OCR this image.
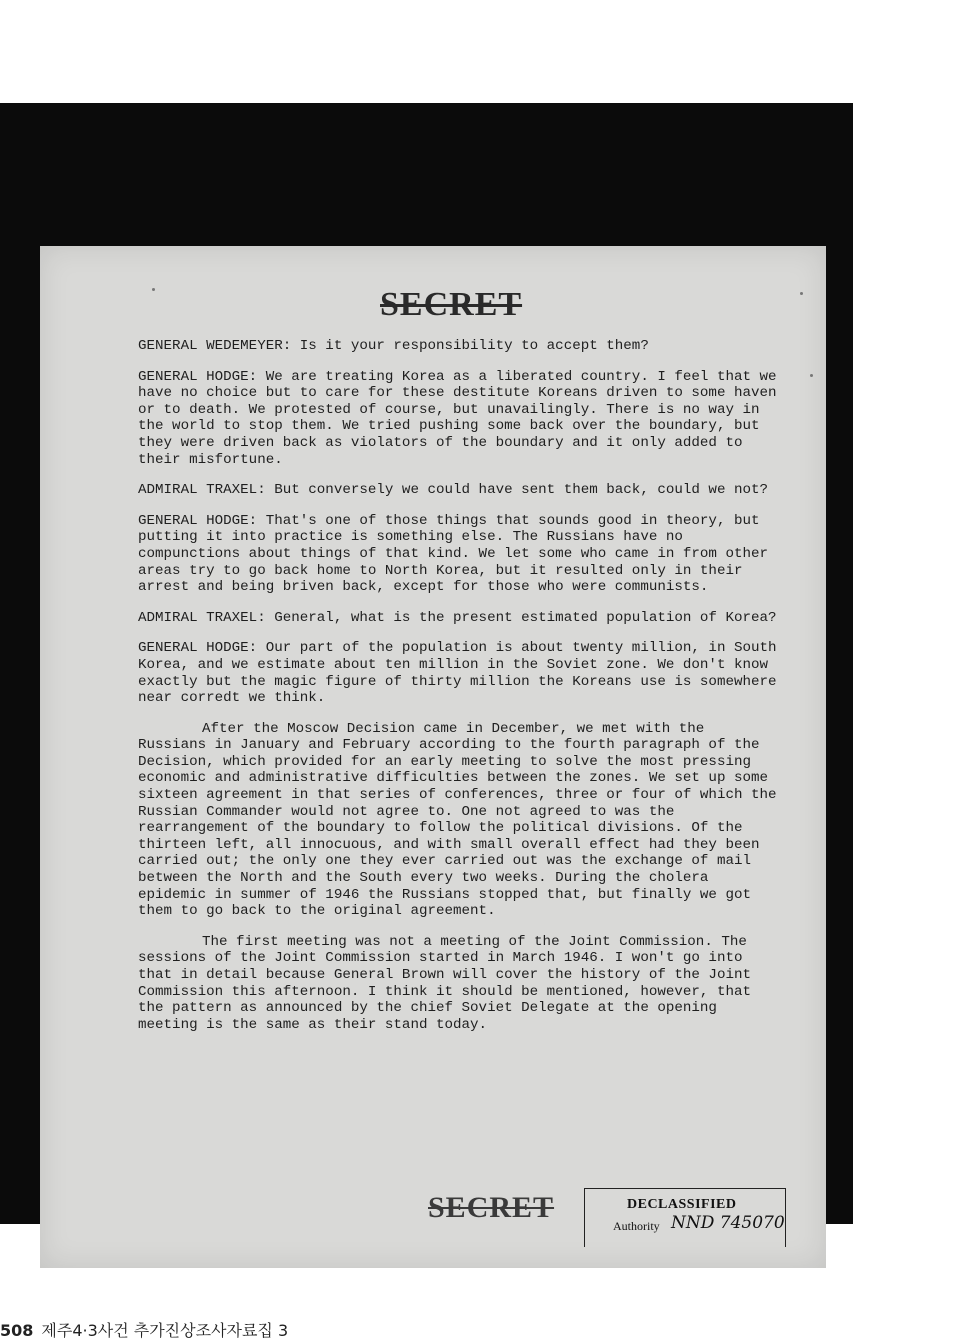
SECRET

GENERAL WEDEMEYER: Is it your responsibility to accept them?

GENERAL HODGE: We are treating Korea as a liberated country. I feel that we have no choice but to care for these destitute Koreans driven to some haven or to death. We protested of course, but unavailingly. There is no way in the world to stop them. We tried pushing some back over the boundary, but they were driven back as violators of the boundary and it only added to their misfortune.

ADMIRAL TRAXEL: But conversely we could have sent them back, could we not?

GENERAL HODGE: That's one of those things that sounds good in theory, but putting it into practice is something else. The Russians have no compunctions about things of that kind. We let some who came in from other areas try to go back home to North Korea, but it resulted only in their arrest and being briven back, except for those who were communists.

ADMIRAL TRAXEL: General, what is the present estimated population of Korea?

GENERAL HODGE: Our part of the population is about twenty million, in South Korea, and we estimate about ten million in the Soviet zone. We don't know exactly but the magic figure of thirty million the Koreans use is somewhere near corredt we think.

After the Moscow Decision came in December, we met with the Russians in January and February according to the fourth paragraph of the Decision, which provided for an early meeting to solve the most pressing economic and administrative difficulties between the zones. We set up some sixteen agreement in that series of conferences, three or four of which the Russian Commander would not agree to. One not agreed to was the rearrangement of the boundary to follow the political divisions. Of the thirteen left, all innocuous, and with small overall effect had they been carried out; the only one they ever carried out was the exchange of mail between the North and the South every two weeks. During the cholera epidemic in summer of 1946 the Russians stopped that, but finally we got them to go back to the original agreement.

The first meeting was not a meeting of the Joint Commission. The sessions of the Joint Commission started in March 1946. I won't go into that in detail because General Brown will cover the history of the Joint Commission this afternoon. I think it should be mentioned, however, that the pattern as announced by the chief Soviet Delegate at the opening meeting is the same as their stand today.

SECRET	DECLASSIFIED
Authority NND 745070
508 제주4·3사건 추가진상조사자료집 3
